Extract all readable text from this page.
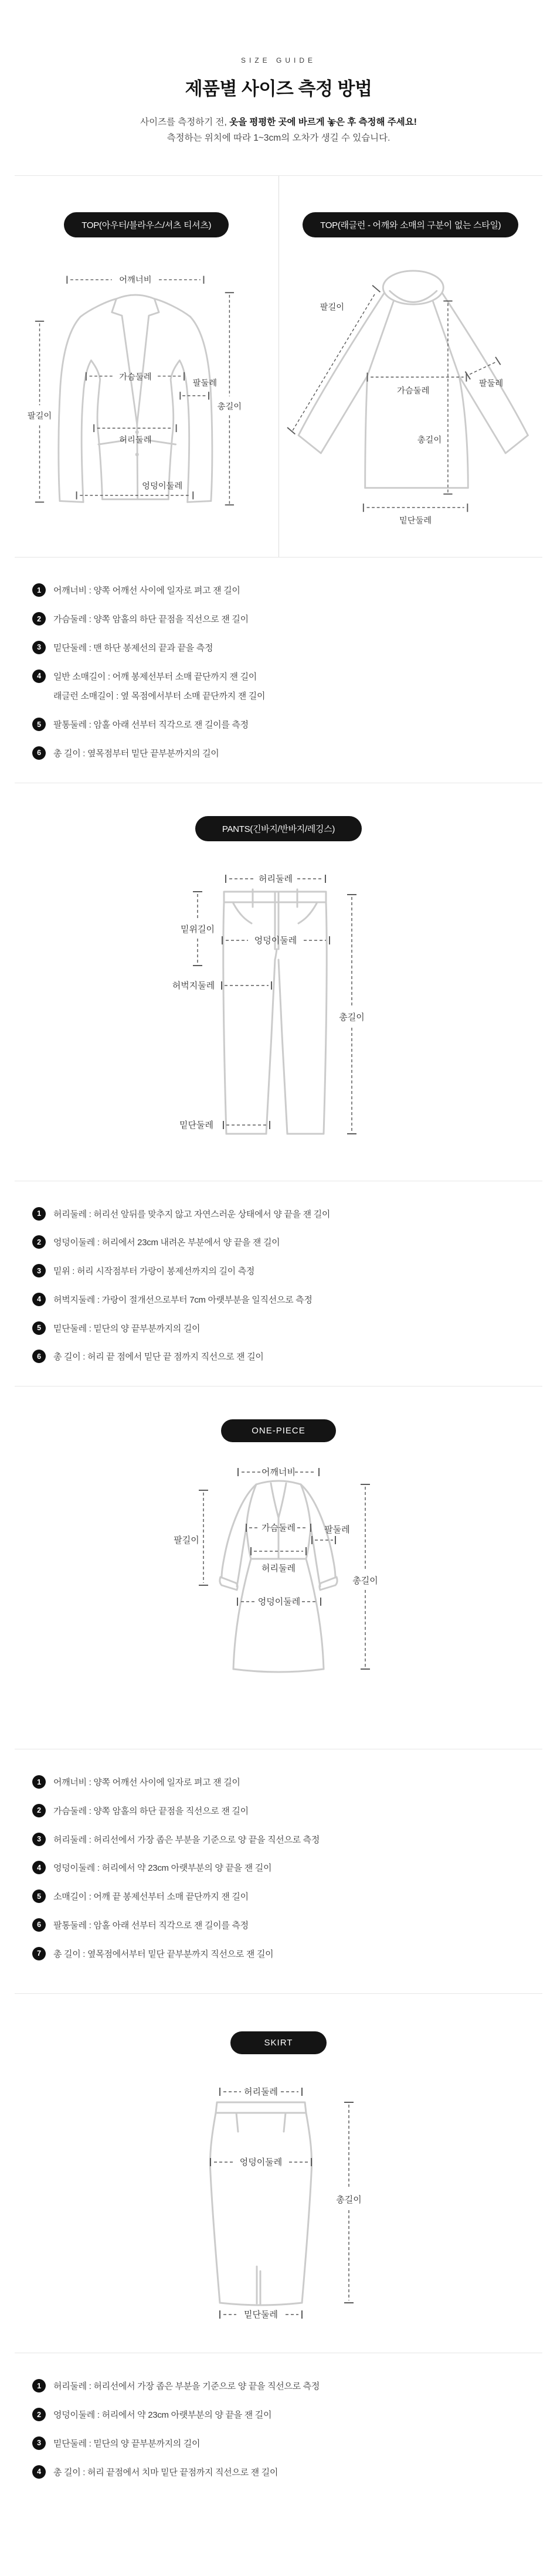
SIZE GUIDE
제품별 사이즈 측정 방법
사이즈를 측정하기 전, 옷을 평평한 곳에 바르게 놓은 후 측정해 주세요!
측정하는 위치에 따라 1~3cm의 오차가 생길 수 있습니다.
TOP(아우터/블라우스/셔츠 티셔츠)
어깨너비
팔길이
가슴둘레
팔둘레
총길이
허리둘레
엉덩이둘레
TOP(래글런 - 어깨와 소매의 구분이 없는 스타일)
팔길이
가슴둘레
팔둘레
총길이
밑단둘레
1	어깨너비 : 양쪽 어깨선 사이에 일자로 펴고 잰 길이
2	가슴둘레 : 양쪽 암홀의 하단 끝점을 직선으로 잰 길이
3	밑단둘레 : 맨 하단 봉제선의 끝과 끝을 측정
4	일반 소매길이 : 어깨 봉제선부터 소매 끝단까지 잰 길이
래글런 소매길이 : 옆 목점에서부터 소매 끝단까지 잰 길이
5	팔통둘레 : 암홀 아래 선부터 직각으로 잰 길이를 측정
6	총 길이 : 옆목점부터 밑단 끝부분까지의 길이
PANTS(긴바지/반바지/레깅스)
허리둘레
밑위길이
엉덩이둘레
허벅지둘레
총길이
밑단둘레
1	허리둘레 : 허리선 앞뒤를 맞추지 않고 자연스러운 상태에서 양 끝을 잰 길이
2	엉덩이둘레 : 허리에서 23cm 내려온 부분에서 양 끝을 잰 길이
3	밑위 : 허리 시작점부터 가랑이 봉제선까지의 길이 측정
4	허벅지둘레 : 가랑이 절개선으로부터 7cm 아랫부분을 일직선으로 측정
5	밑단둘레 : 밑단의 양 끝부분까지의 길이
6	총 길이 : 허리 끝 점에서 밑단 끝 점까지 직선으로 잰 길이
ONE-PIECE
어깨너비
팔길이
가슴둘레	팔둘레
허리둘레
총길이
엉덩이둘레
1	어깨너비 : 양쪽 어깨선 사이에 일자로 펴고 잰 길이
2	가슴둘레 : 양쪽 암홀의 하단 끝점을 직선으로 잰 길이
3	허리둘레 : 허리선에서 가장 좁은 부분을 기준으로 양 끝을 직선으로 측정
4	엉덩이둘레 : 허리에서 약 23cm 아랫부분의 양 끝을 잰 길이
5	소매길이 : 어깨 끝 봉제선부터 소매 끝단까지 잰 길이
6	팔통둘레 : 암홀 아래 선부터 직각으로 잰 길이를 측정
7	총 길이 : 옆목점에서부터 밑단 끝부분까지 직선으로 잰 길이
SKIRT
허리둘레
엉덩이둘레
총길이
밑단둘레
1	허리둘레 : 허리선에서 가장 좁은 부분을 기준으로 양 끝을 직선으로 측정
2	엉덩이둘레 : 허리에서 약 23cm 아랫부분의 양 끝을 잰 길이
3	밑단둘레 : 밑단의 양 끝부분까지의 길이
4	총 길이 : 허리 끝점에서 치마 밑단 끝점까지 직선으로 잰 길이
